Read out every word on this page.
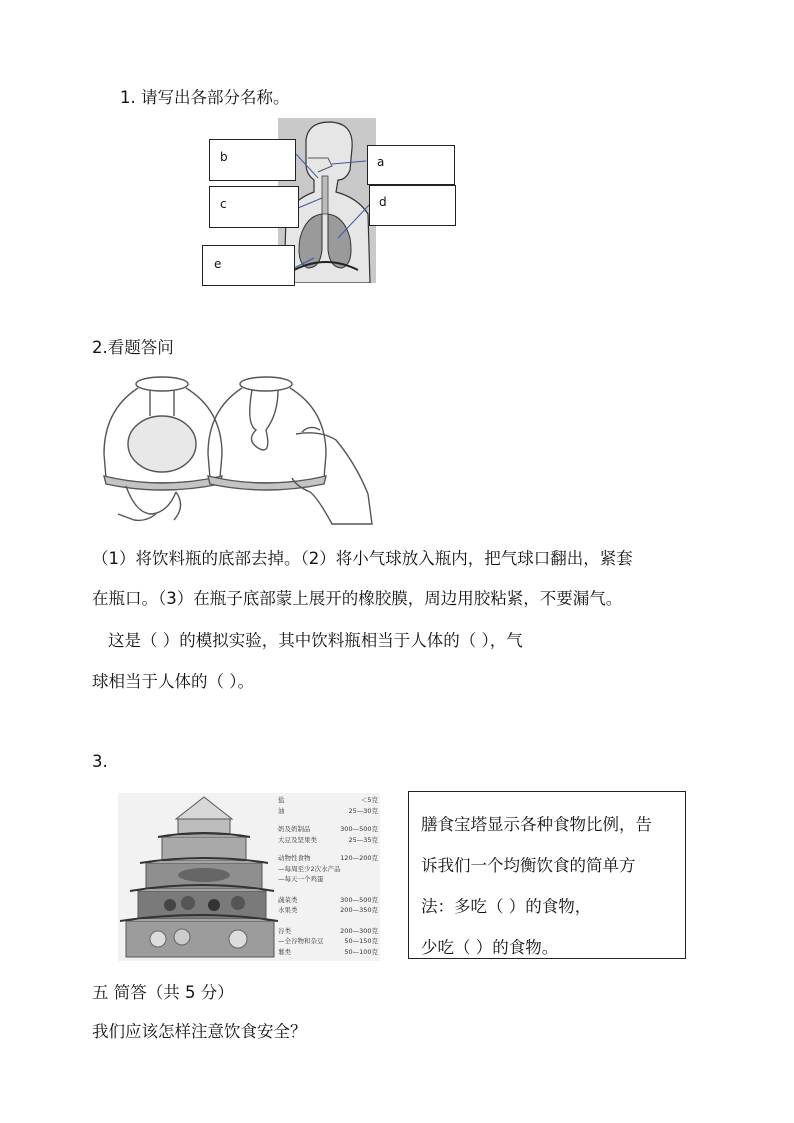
1. 请写出各部分名称。
b	a
c	d
e
2.看题答问
（1）将饮料瓶的底部去掉。（2）将小气球放入瓶内，把气球口翻出，紧套
在瓶口。（3）在瓶子底部蒙上展开的橡胶膜，周边用胶粘紧，不要漏气。
这是（ ）的模拟实验，其中饮料瓶相当于人体的（ ），气
球相当于人体的（ ）。
3.
盐	＜5克
油	25—30克
奶及奶制品	300—500克
大豆及坚果类	25—35克
动物性食物	120—200克
—每周至少2次水产品
—每天一个鸡蛋
蔬菜类	300—500克
水果类	200—350克
谷类	200—300克
—全谷物和杂豆	50—150克
薯类	50—100克

膳食宝塔显示各种食物比例，告

诉我们一个均衡饮食的简单方

法：多吃（ ）的食物，

少吃（ ）的食物。

五 简答（共 5 分）
我们应该怎样注意饮食安全？
